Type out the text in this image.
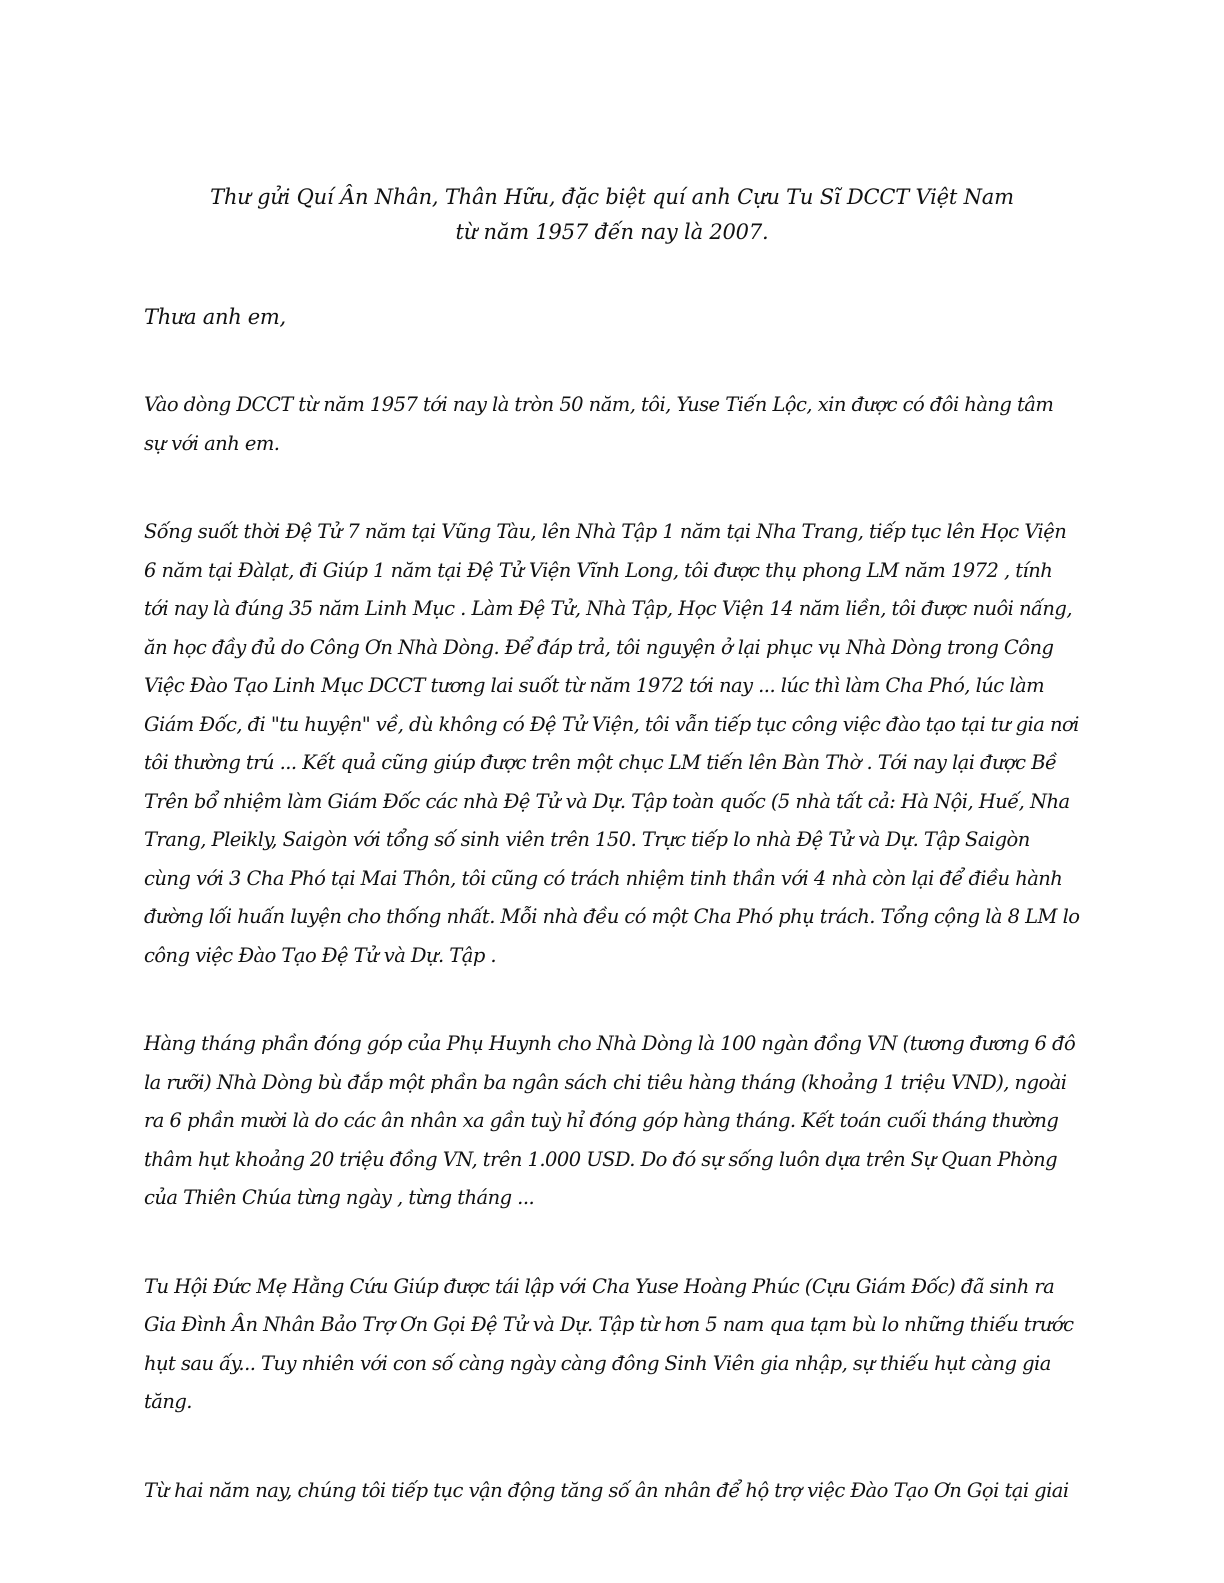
Thư gửi Quí Ân Nhân, Thân Hữu, đặc biệt quí anh Cựu Tu Sĩ DCCT Việt Nam
từ năm 1957 đến nay là 2007.

Thưa anh em,

Vào dòng DCCT từ năm 1957 tới nay là tròn 50 năm, tôi, Yuse Tiến Lộc, xin được có đôi hàng tâm sự với anh em.

Sống suốt thời Đệ Tử 7 năm tại Vũng Tàu, lên Nhà Tập 1 năm tại Nha Trang, tiếp tục lên Học Viện 6 năm tại Đàlạt, đi Giúp 1 năm tại Đệ Tử Viện Vĩnh Long, tôi được thụ phong LM năm 1972 , tính tới nay là đúng 35 năm Linh Mục . Làm Đệ Tử, Nhà Tập, Học Viện 14 năm liền, tôi được nuôi nấng, ăn học đầy đủ do Công Ơn Nhà Dòng. Để đáp trả, tôi nguyện ở lại phục vụ Nhà Dòng trong Công Việc Đào Tạo Linh Mục DCCT tương lai suốt từ năm 1972 tới nay ... lúc thì làm Cha Phó, lúc làm Giám Đốc, đi "tu huyện" về, dù không có Đệ Tử Viện, tôi vẫn tiếp tục công việc đào tạo tại tư gia nơi tôi thường trú ... Kết quả cũng giúp được trên một chục LM tiến lên Bàn Thờ . Tới nay lại được Bề Trên bổ nhiệm làm Giám Đốc các nhà Đệ Tử và Dự. Tập toàn quốc (5 nhà tất cả: Hà Nội, Huế, Nha Trang, Pleikly, Saigòn với tổng số sinh viên trên 150. Trực tiếp lo nhà Đệ Tử và Dự. Tập Saigòn cùng với 3 Cha Phó tại Mai Thôn, tôi cũng có trách nhiệm tinh thần với 4 nhà còn lại để điều hành đường lối huấn luyện cho thống nhất. Mỗi nhà đều có một Cha Phó phụ trách. Tổng cộng là 8 LM lo công việc Đào Tạo Đệ Tử và Dự. Tập .

Hàng tháng phần đóng góp của Phụ Huynh cho Nhà Dòng là 100 ngàn đồng VN (tương đương 6 đô la rưỡi) Nhà Dòng bù đắp một phần ba ngân sách chi tiêu hàng tháng (khoảng 1 triệu VND), ngoài ra 6 phần mười là do các ân nhân xa gần tuỳ hỉ đóng góp hàng tháng. Kết toán cuối tháng thường thâm hụt khoảng 20 triệu đồng VN, trên 1.000 USD. Do đó sự sống luôn dựa trên Sự Quan Phòng của Thiên Chúa từng ngày , từng tháng ...

Tu Hội Đức Mẹ Hằng Cứu Giúp được tái lập với Cha Yuse Hoàng Phúc (Cựu Giám Đốc) đã sinh ra Gia Đình Ân Nhân Bảo Trợ Ơn Gọi Đệ Tử và Dự. Tập từ hơn 5 nam qua tạm bù lo những thiếu trước hụt sau ấy... Tuy nhiên với con số càng ngày càng đông Sinh Viên gia nhập, sự thiếu hụt càng gia tăng.

Từ hai năm nay, chúng tôi tiếp tục vận động tăng số ân nhân để hộ trợ việc Đào Tạo Ơn Gọi tại giai
